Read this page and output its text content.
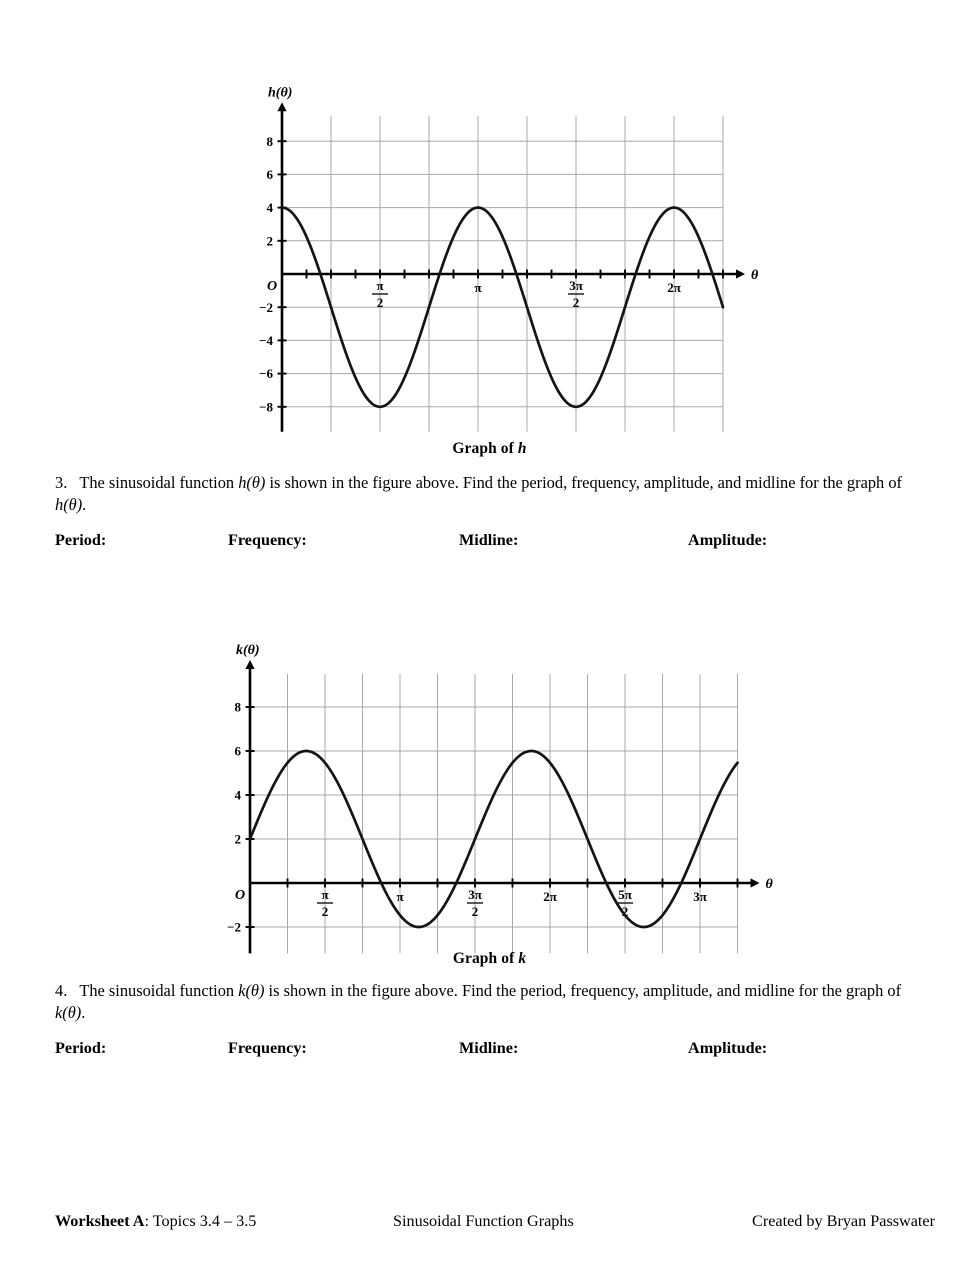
8
6
4
2
−2
−4
−6
−8
O	π
2
π	3π
2
2π
h(θ)
θ
Graph of h
3. The sinusoidal function h(θ) is shown in the figure above. Find the period, frequency, amplitude, and midline for the graph of h(θ).
Period:	Frequency:	Midline:	Amplitude:
8
6
4
2
−2
O	π
2
π	3π
2
2π	5π
2
3π
k(θ)
θ
Graph of k
4. The sinusoidal function k(θ) is shown in the figure above. Find the period, frequency, amplitude, and midline for the graph of k(θ).
Period:	Frequency:	Midline:	Amplitude:
Worksheet A: Topics 3.4 – 3.5	Sinusoidal Function Graphs	Created by Bryan Passwater
